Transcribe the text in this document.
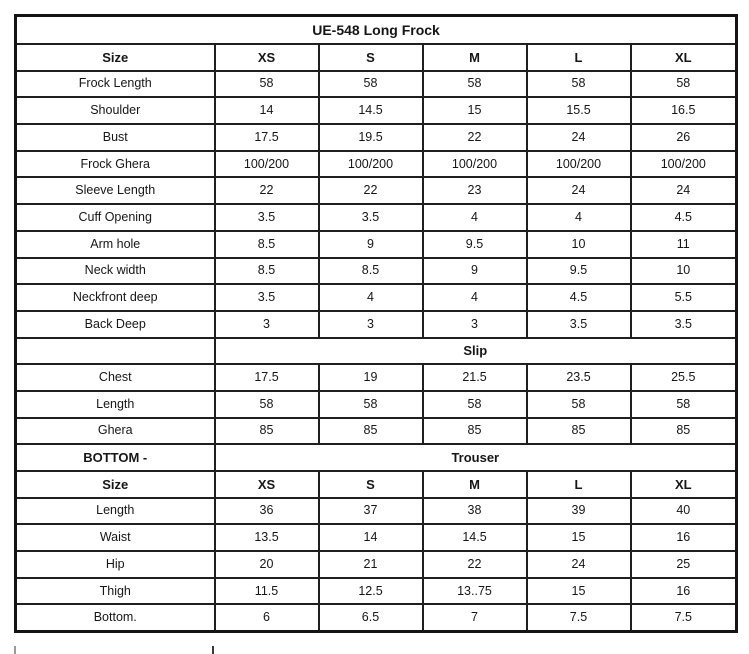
UE-548 Long Frock					
Size	XS	S	M	L	XL
Frock Length	58	58	58	58	58
Shoulder	14	14.5	15	15.5	16.5
Bust	17.5	19.5	22	24	26
Frock Ghera	100/200	100/200	100/200	100/200	100/200
Sleeve Length	22	22	23	24	24
Cuff Opening	3.5	3.5	4	4	4.5
Arm hole	8.5	9	9.5	10	11
Neck width	8.5	8.5	9	9.5	10
Neckfront deep	3.5	4	4	4.5	5.5
Back Deep	3	3	3	3.5	3.5
	Slip				
Chest	17.5	19	21.5	23.5	25.5
Length	58	58	58	58	58
Ghera	85	85	85	85	85
BOTTOM -	Trouser				
Size	XS	S	M	L	XL
Length	36	37	38	39	40
Waist	13.5	14	14.5	15	16
Hip	20	21	22	24	25
Thigh	11.5	12.5	13..75	15	16
Bottom.	6	6.5	7	7.5	7.5
